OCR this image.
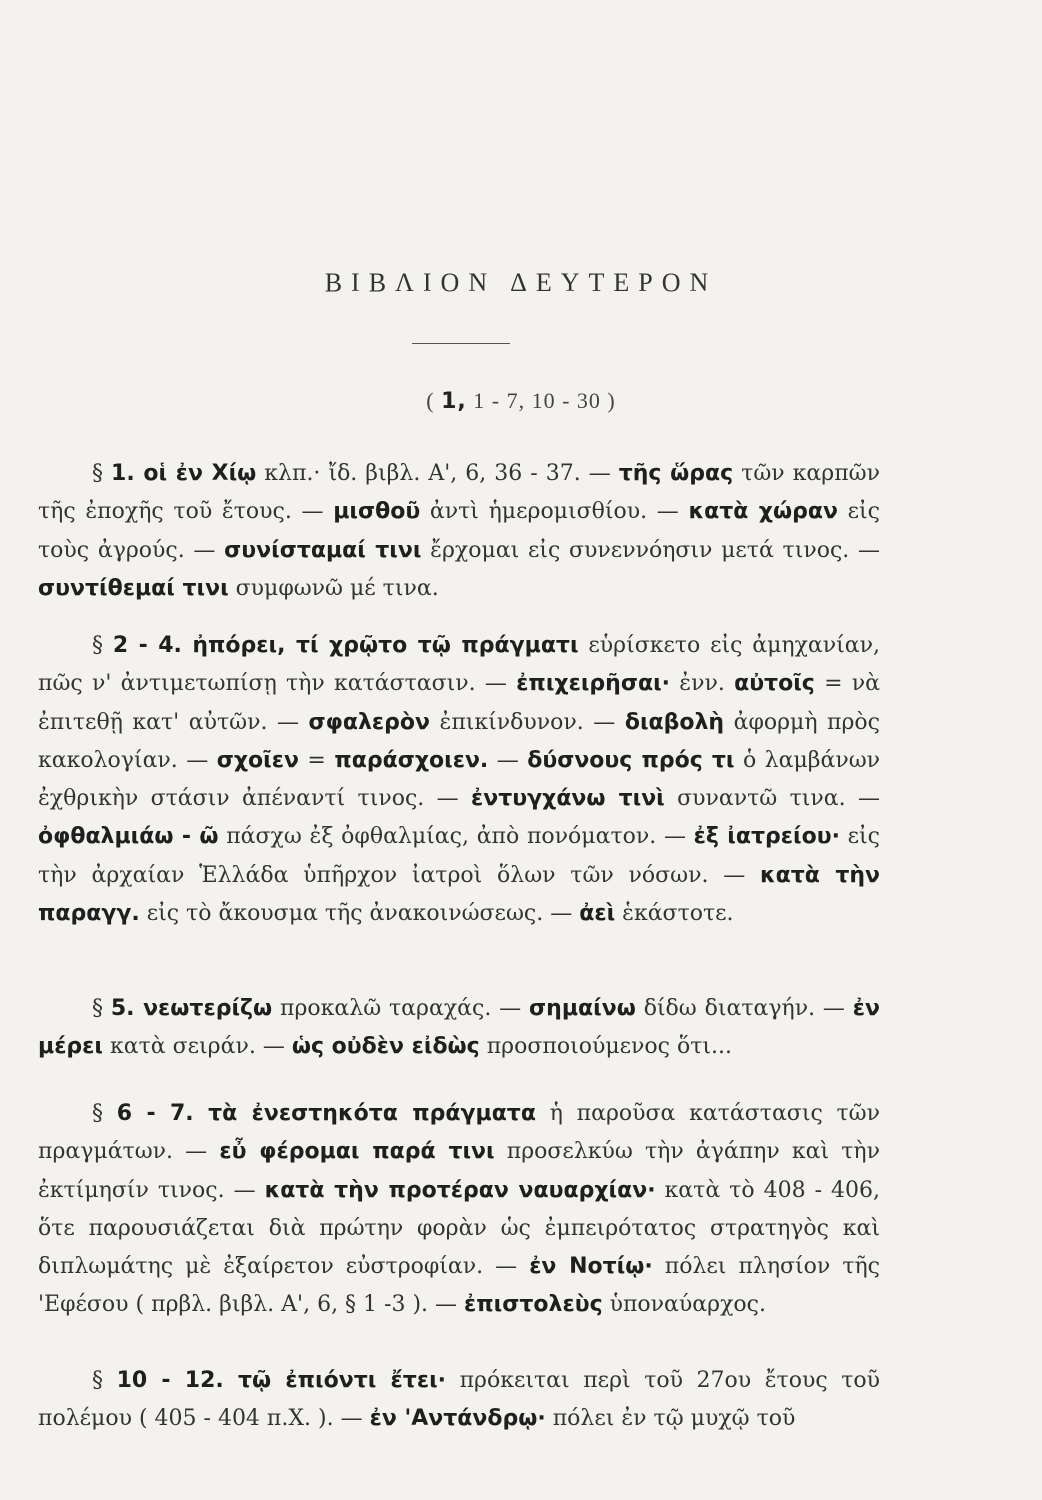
ΒΙΒΛΙΟΝ ΔΕΥΤΕΡΟΝ
( 1, 1 - 7, 10 - 30 )
§ 1. οἱ ἐν Χίῳ κλπ.· ἴδ. βιβλ. Α', 6, 36 - 37. — τῆς ὥρας τῶν καρπῶν τῆς ἐποχῆς τοῦ ἔτους. — μισθοῦ ἀντὶ ἡμερομισθίου. — κατὰ χώραν εἰς τοὺς ἀγρούς. — συνίσταμαί τινι ἔρχομαι εἰς συνεννόησιν μετά τινος. — συντίθεμαί τινι συμφωνῶ μέ τινα.
§ 2 - 4. ἠπόρει, τί χρῷτο τῷ πράγματι εὑρίσκετο εἰς ἀμηχανίαν, πῶς ν' ἀντιμετωπίσῃ τὴν κατάστασιν. — ἐπιχειρῆσαι· ἐνν. αὐτοῖς = νὰ ἐπιτεθῇ κατ' αὐτῶν. — σφαλερὸν ἐπικίνδυνον. — διαβολὴ ἀφορμὴ πρὸς κακολογίαν. — σχοῖεν = παράσχοιεν. — δύσνους πρός τι ὁ λαμβάνων ἐχθρικὴν στάσιν ἀπέναντί τινος. — ἐντυγχάνω τινὶ συναντῶ τινα. — ὀφθαλμιάω - ῶ πάσχω ἐξ ὀφθαλμίας, ἀπὸ πονόματον. — ἐξ ἰατρείου· εἰς τὴν ἀρχαίαν Ἑλλάδα ὑπῆρχον ἰατροὶ ὅλων τῶν νόσων. — κατὰ τὴν παραγγ. εἰς τὸ ἄκουσμα τῆς ἀνακοινώσεως. — ἀεὶ ἑκάστοτε.
§ 5. νεωτερίζω προκαλῶ ταραχάς. — σημαίνω δίδω διαταγήν. — ἐν μέρει κατὰ σειράν. — ὡς οὐδὲν εἰδὼς προσποιούμενος ὅτι...
§ 6 - 7. τὰ ἐνεστηκότα πράγματα ἡ παροῦσα κατάστασις τῶν πραγμάτων. — εὖ φέρομαι παρά τινι προσελκύω τὴν ἀγάπην καὶ τὴν ἐκτίμησίν τινος. — κατὰ τὴν προτέραν ναυαρχίαν· κατὰ τὸ 408 - 406, ὅτε παρουσιάζεται διὰ πρώτην φορὰν ὡς ἐμπειρότατος στρατηγὸς καὶ διπλωμάτης μὲ ἐξαίρετον εὐστροφίαν. — ἐν Νοτίῳ· πόλει πλησίον τῆς 'Εφέσου ( πρβλ. βιβλ. Α', 6, § 1 -3 ). — ἐπιστολεὺς ὑποναύαρχος.
§ 10 - 12. τῷ ἐπιόντι ἔτει· πρόκειται περὶ τοῦ 27ου ἔτους τοῦ πολέμου ( 405 - 404 π.Χ. ). — ἐν 'Αντάνδρῳ· πόλει ἐν τῷ μυχῷ τοῦ
